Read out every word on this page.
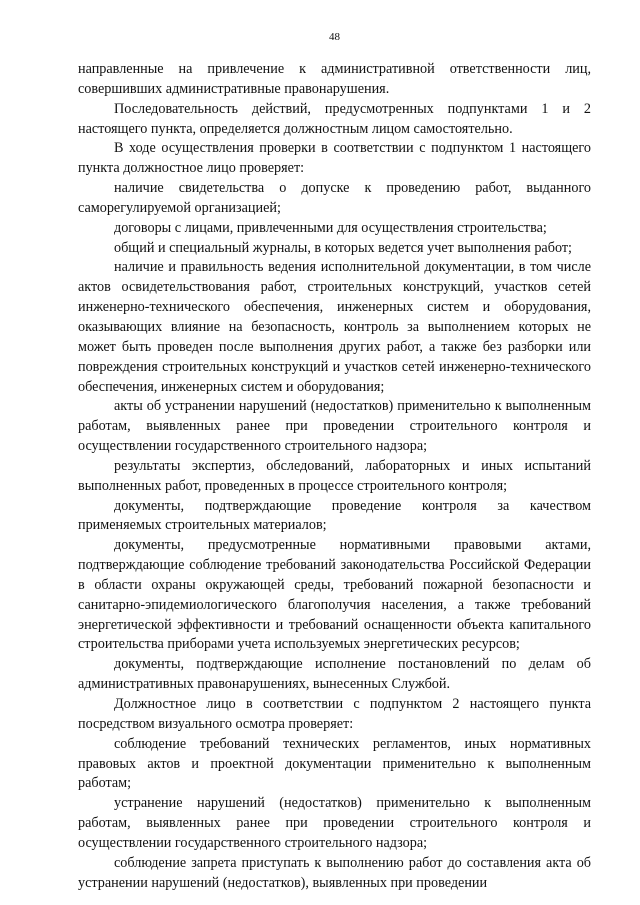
48

направленные на привлечение к административной ответственности лиц, совершивших административные правонарушения.

Последовательность действий, предусмотренных подпунктами 1 и 2 настоящего пункта, определяется должностным лицом самостоятельно.

В ходе осуществления проверки в соответствии с подпунктом 1 настоящего пункта должностное лицо проверяет:

наличие свидетельства о допуске к проведению работ, выданного саморегулируемой организацией;

договоры с лицами, привлеченными для осуществления строительства;

общий и специальный журналы, в которых ведется учет выполнения работ;

наличие и правильность ведения исполнительной документации, в том числе актов освидетельствования работ, строительных конструкций, участков сетей инженерно-технического обеспечения, инженерных систем и оборудования, оказывающих влияние на безопасность, контроль за выполнением которых не может быть проведен после выполнения других работ, а также без разборки или повреждения строительных конструкций и участков сетей инженерно-технического обеспечения, инженерных систем и оборудования;

акты об устранении нарушений (недостатков) применительно к выполненным работам, выявленных ранее при проведении строительного контроля и осуществлении государственного строительного надзора;

результаты экспертиз, обследований, лабораторных и иных испытаний выполненных работ, проведенных в процессе строительного контроля;

документы, подтверждающие проведение контроля за качеством применяемых строительных материалов;

документы, предусмотренные нормативными правовыми актами, подтверждающие соблюдение требований законодательства Российской Федерации в области охраны окружающей среды, требований пожарной безопасности и санитарно-эпидемиологического благополучия населения, а также требований энергетической эффективности и требований оснащенности объекта капитального строительства приборами учета используемых энергетических ресурсов;

документы, подтверждающие исполнение постановлений по делам об административных правонарушениях, вынесенных Службой.

Должностное лицо в соответствии с подпунктом 2 настоящего пункта посредством визуального осмотра проверяет:

соблюдение требований технических регламентов, иных нормативных правовых актов и проектной документации применительно к выполненным работам;

устранение нарушений (недостатков) применительно к выполненным работам, выявленных ранее при проведении строительного контроля и осуществлении государственного строительного надзора;

соблюдение запрета приступать к выполнению работ до составления акта об устранении нарушений (недостатков), выявленных при проведении
